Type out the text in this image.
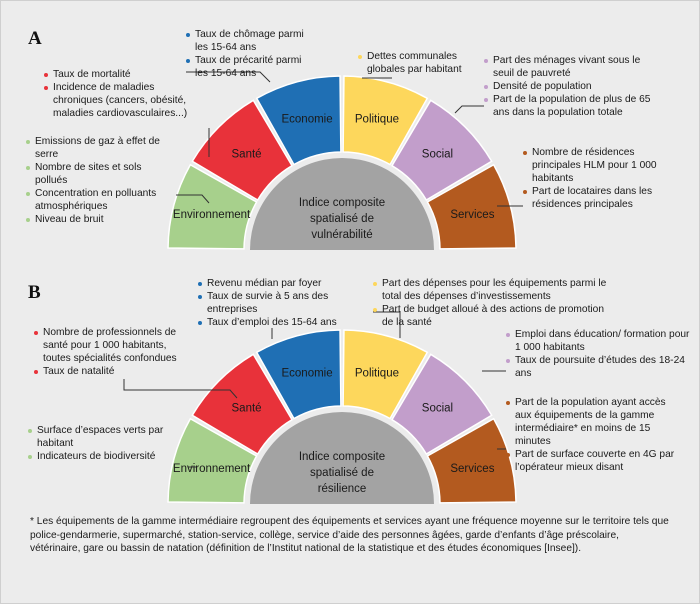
A
Environnement
Santé
Economie Politique
Social
Services
Indice composite
spatialisé de
vulnérabilité
B
Environnement
Santé
Economie Politique
Social
Services
Indice composite
spatialisé de
résilience

* Les équipements de la gamme intermédiaire regroupent des équipements et services ayant une fréquence moyenne sur le territoire tels que police-gendarmerie, supermarché, station-service, collège, service d’aide des personnes âgées, garde d’enfants d’âge préscolaire, vétérinaire, gare ou bassin de natation (définition de l’Institut national de la statistique et des études économiques [Insee]).

Emissions de gaz à effet de serre
Nombre de sites et sols pollués
Concentration en polluants atmosphériques
Niveau de bruit
Taux de mortalité
Incidence de maladies chroniques (cancers, obésité, maladies cardiovasculaires...)
Taux de chômage parmi les 15-64 ans
Taux de précarité parmi les 15-64 ans
Dettes communales globales par habitant
Part des ménages vivant sous le seuil de pauvreté
Densité de population
Part de la population de plus de 65 ans dans la population totale
Nombre de résidences principales HLM pour 1 000 habitants
Part de locataires dans les résidences principales
Surface d’espaces verts par habitant
Indicateurs de biodiversité
Nombre de professionnels de santé pour 1 000 habitants, toutes spécialités confondues
Taux de natalité
Revenu médian par foyer
Taux de survie à 5 ans des entreprises
Taux d’emploi des 15-64 ans
Part des dépenses pour les équipements parmi le total des dépenses d’investissements
Part de budget alloué à des actions de promotion de la santé
Emploi dans éducation/ formation pour 1 000 habitants
Taux de poursuite d’études des 18-24 ans
Part de la population ayant accès aux équipements de la gamme intermédiaire* en moins de 15 minutes
Part de surface couverte en 4G par l’opérateur mieux disant
